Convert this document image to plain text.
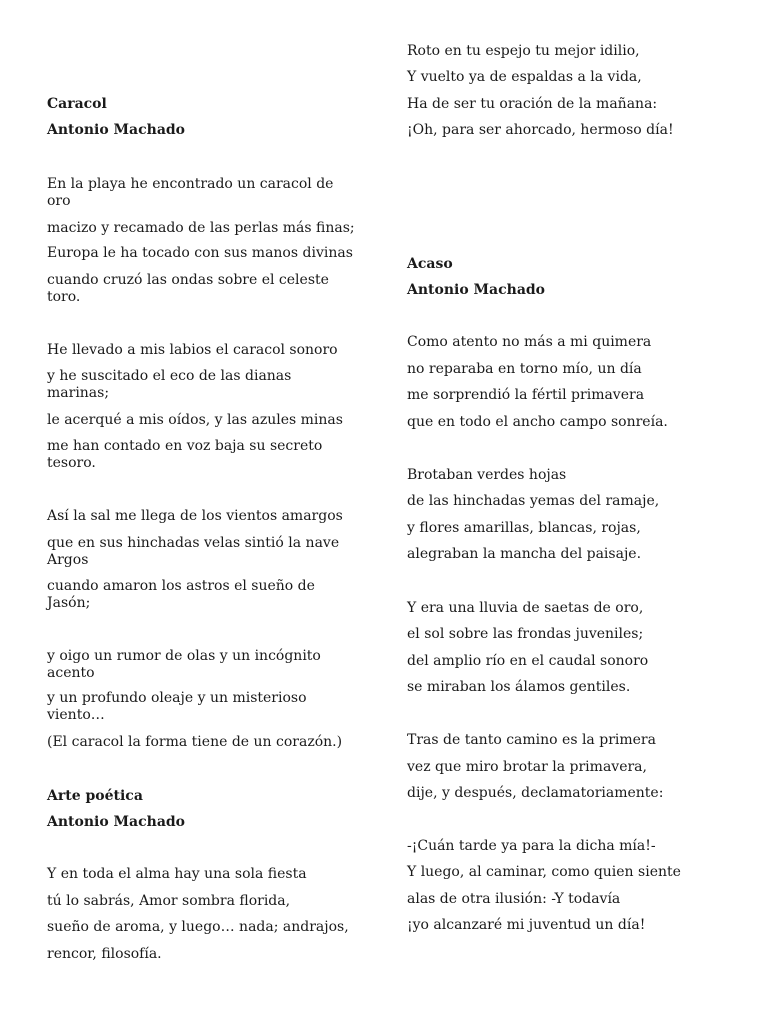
Caracol
Antonio Machado
En la playa he encontrado un caracol de
oro
macizo y recamado de las perlas más finas;
Europa le ha tocado con sus manos divinas
cuando cruzó las ondas sobre el celeste
toro.
He llevado a mis labios el caracol sonoro
y he suscitado el eco de las dianas
marinas;
le acerqué a mis oídos, y las azules minas
me han contado en voz baja su secreto
tesoro.
Así la sal me llega de los vientos amargos
que en sus hinchadas velas sintió la nave
Argos
cuando amaron los astros el sueño de
Jasón;
y oigo un rumor de olas y un incógnito
acento
y un profundo oleaje y un misterioso
viento…
(El caracol la forma tiene de un corazón.)
Arte poética
Antonio Machado
Y en toda el alma hay una sola fiesta
tú lo sabrás, Amor sombra florida,
sueño de aroma, y luego… nada; andrajos,
rencor, filosofía.
Roto en tu espejo tu mejor idilio,
Y vuelto ya de espaldas a la vida,
Ha de ser tu oración de la mañana:
¡Oh, para ser ahorcado, hermoso día!
Acaso
Antonio Machado
Como atento no más a mi quimera
no reparaba en torno mío, un día
me sorprendió la fértil primavera
que en todo el ancho campo sonreía.
Brotaban verdes hojas
de las hinchadas yemas del ramaje,
y flores amarillas, blancas, rojas,
alegraban la mancha del paisaje.
Y era una lluvia de saetas de oro,
el sol sobre las frondas juveniles;
del amplio río en el caudal sonoro
se miraban los álamos gentiles.
Tras de tanto camino es la primera
vez que miro brotar la primavera,
dije, y después, declamatoriamente:
-¡Cuán tarde ya para la dicha mía!-
Y luego, al caminar, como quien siente
alas de otra ilusión: -Y todavía
¡yo alcanzaré mi juventud un día!
